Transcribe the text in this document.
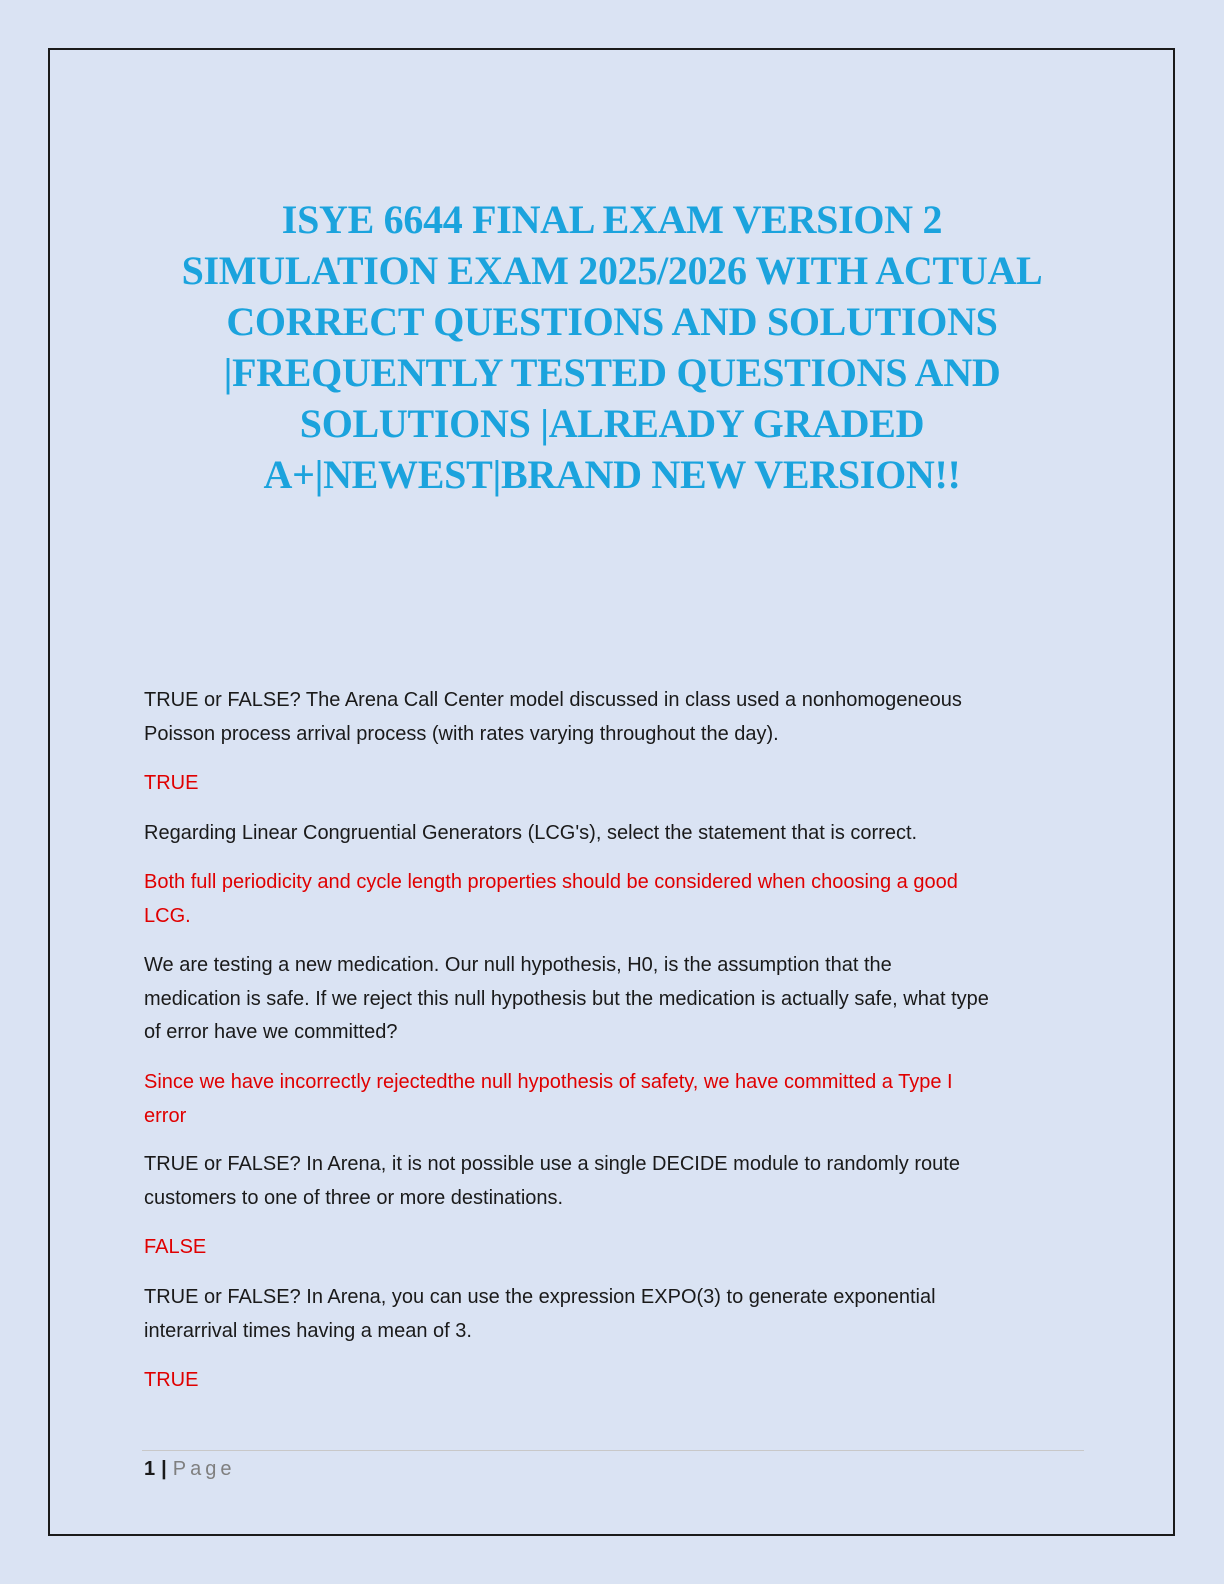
ISYE 6644 FINAL EXAM VERSION 2
SIMULATION EXAM 2025/2026 WITH ACTUAL
CORRECT QUESTIONS AND SOLUTIONS
|FREQUENTLY TESTED QUESTIONS AND
SOLUTIONS |ALREADY GRADED
A+|NEWEST|BRAND NEW VERSION!!
TRUE or FALSE? The Arena Call Center model discussed in class used a nonhomogeneous
Poisson process arrival process (with rates varying throughout the day).
TRUE
Regarding Linear Congruential Generators (LCG's), select the statement that is correct.
Both full periodicity and cycle length properties should be considered when choosing a good
LCG.
We are testing a new medication. Our null hypothesis, H0, is the assumption that the
medication is safe. If we reject this null hypothesis but the medication is actually safe, what type
of error have we committed?
Since we have incorrectly rejectedthe null hypothesis of safety, we have committed a Type I
error
TRUE or FALSE? In Arena, it is not possible use a single DECIDE module to randomly route
customers to one of three or more destinations.
FALSE
TRUE or FALSE? In Arena, you can use the expression EXPO(3) to generate exponential
interarrival times having a mean of 3.
TRUE
1 | Page
